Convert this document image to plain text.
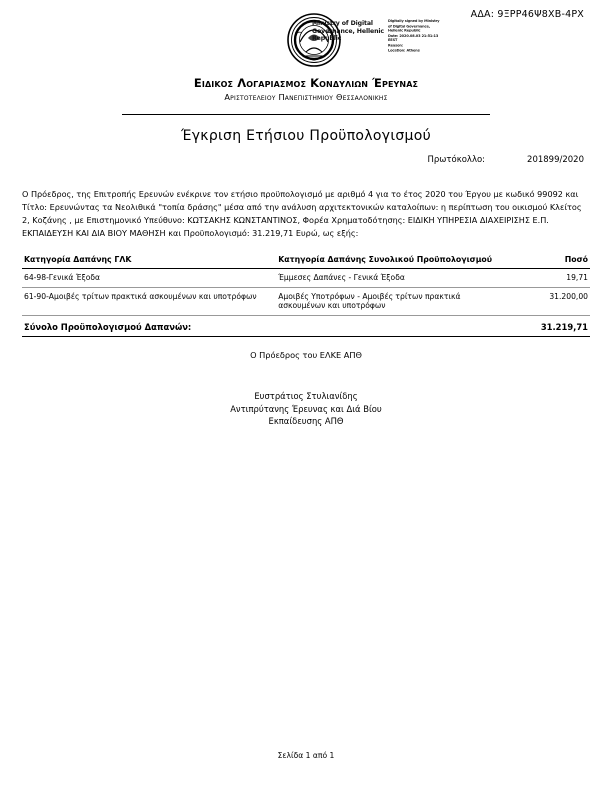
ΑΔΑ: 9ΞΡΡ46Ψ8ΧΒ-4ΡΧ
Ministry of Digital Governance, Hellenic Republic
Digitally signed by Ministry
of Digital Governance,
Hellenic Republic
Date: 2020.08.03 21:51:13
EEST
Reason:
Location: Athens
Ειδικός Λογαριασμός Κονδυλίων Έρευνας
Αριστοτελείου Πανεπιστημίου Θεσσαλονίκης
Έγκριση Ετήσιου Προϋπολογισμού
Πρωτόκολλο:	201899/2020
Ο Πρόεδρος, της Επιτροπής Ερευνών ενέκρινε τον ετήσιο προϋπολογισμό με αριθμό 4 για το έτος 2020 του Έργου με κωδικό 99092 και Τίτλο: Ερευνώντας τα Νεολιθικά "τοπία δράσης" μέσα από την ανάλυση αρχιτεκτονικών καταλοίπων: η περίπτωση του οικισμού Κλείτος 2, Κοζάνης , με Επιστημονικό Υπεύθυνο: ΚΩΤΣΑΚΗΣ ΚΩΝΣΤΑΝΤΙΝΟΣ, Φορέα Χρηματοδότησης: ΕΙΔΙΚΗ ΥΠΗΡΕΣΙΑ ΔΙΑΧΕΙΡΙΣΗΣ Ε.Π. ΕΚΠΑΙΔΕΥΣΗ ΚΑΙ ΔΙΑ ΒΙΟΥ ΜΑΘΗΣΗ και Προϋπολογισμό: 31.219,71 Ευρώ, ως εξής:
Κατηγορία Δαπάνης ΓΛΚ	Κατηγορία Δαπάνης Συνολικού Προϋπολογισμού	Ποσό
64-98-Γενικά Έξοδα	Έμμεσες Δαπάνες - Γενικά Έξοδα	19,71
61-90-Αμοιβές τρίτων πρακτικά ασκουμένων και υποτρόφων	Αμοιβές Υποτρόφων - Αμοιβές τρίτων πρακτικά ασκουμένων και υποτρόφων	31.200,00
Σύνολο Προϋπολογισμού Δαπανών:		31.219,71
Ο Πρόεδρος του ΕΛΚΕ ΑΠΘ
Ευστράτιος Στυλιανίδης
Αντιπρύτανης Έρευνας και Διά Βίου
Εκπαίδευσης ΑΠΘ
Σελίδα 1 από 1
